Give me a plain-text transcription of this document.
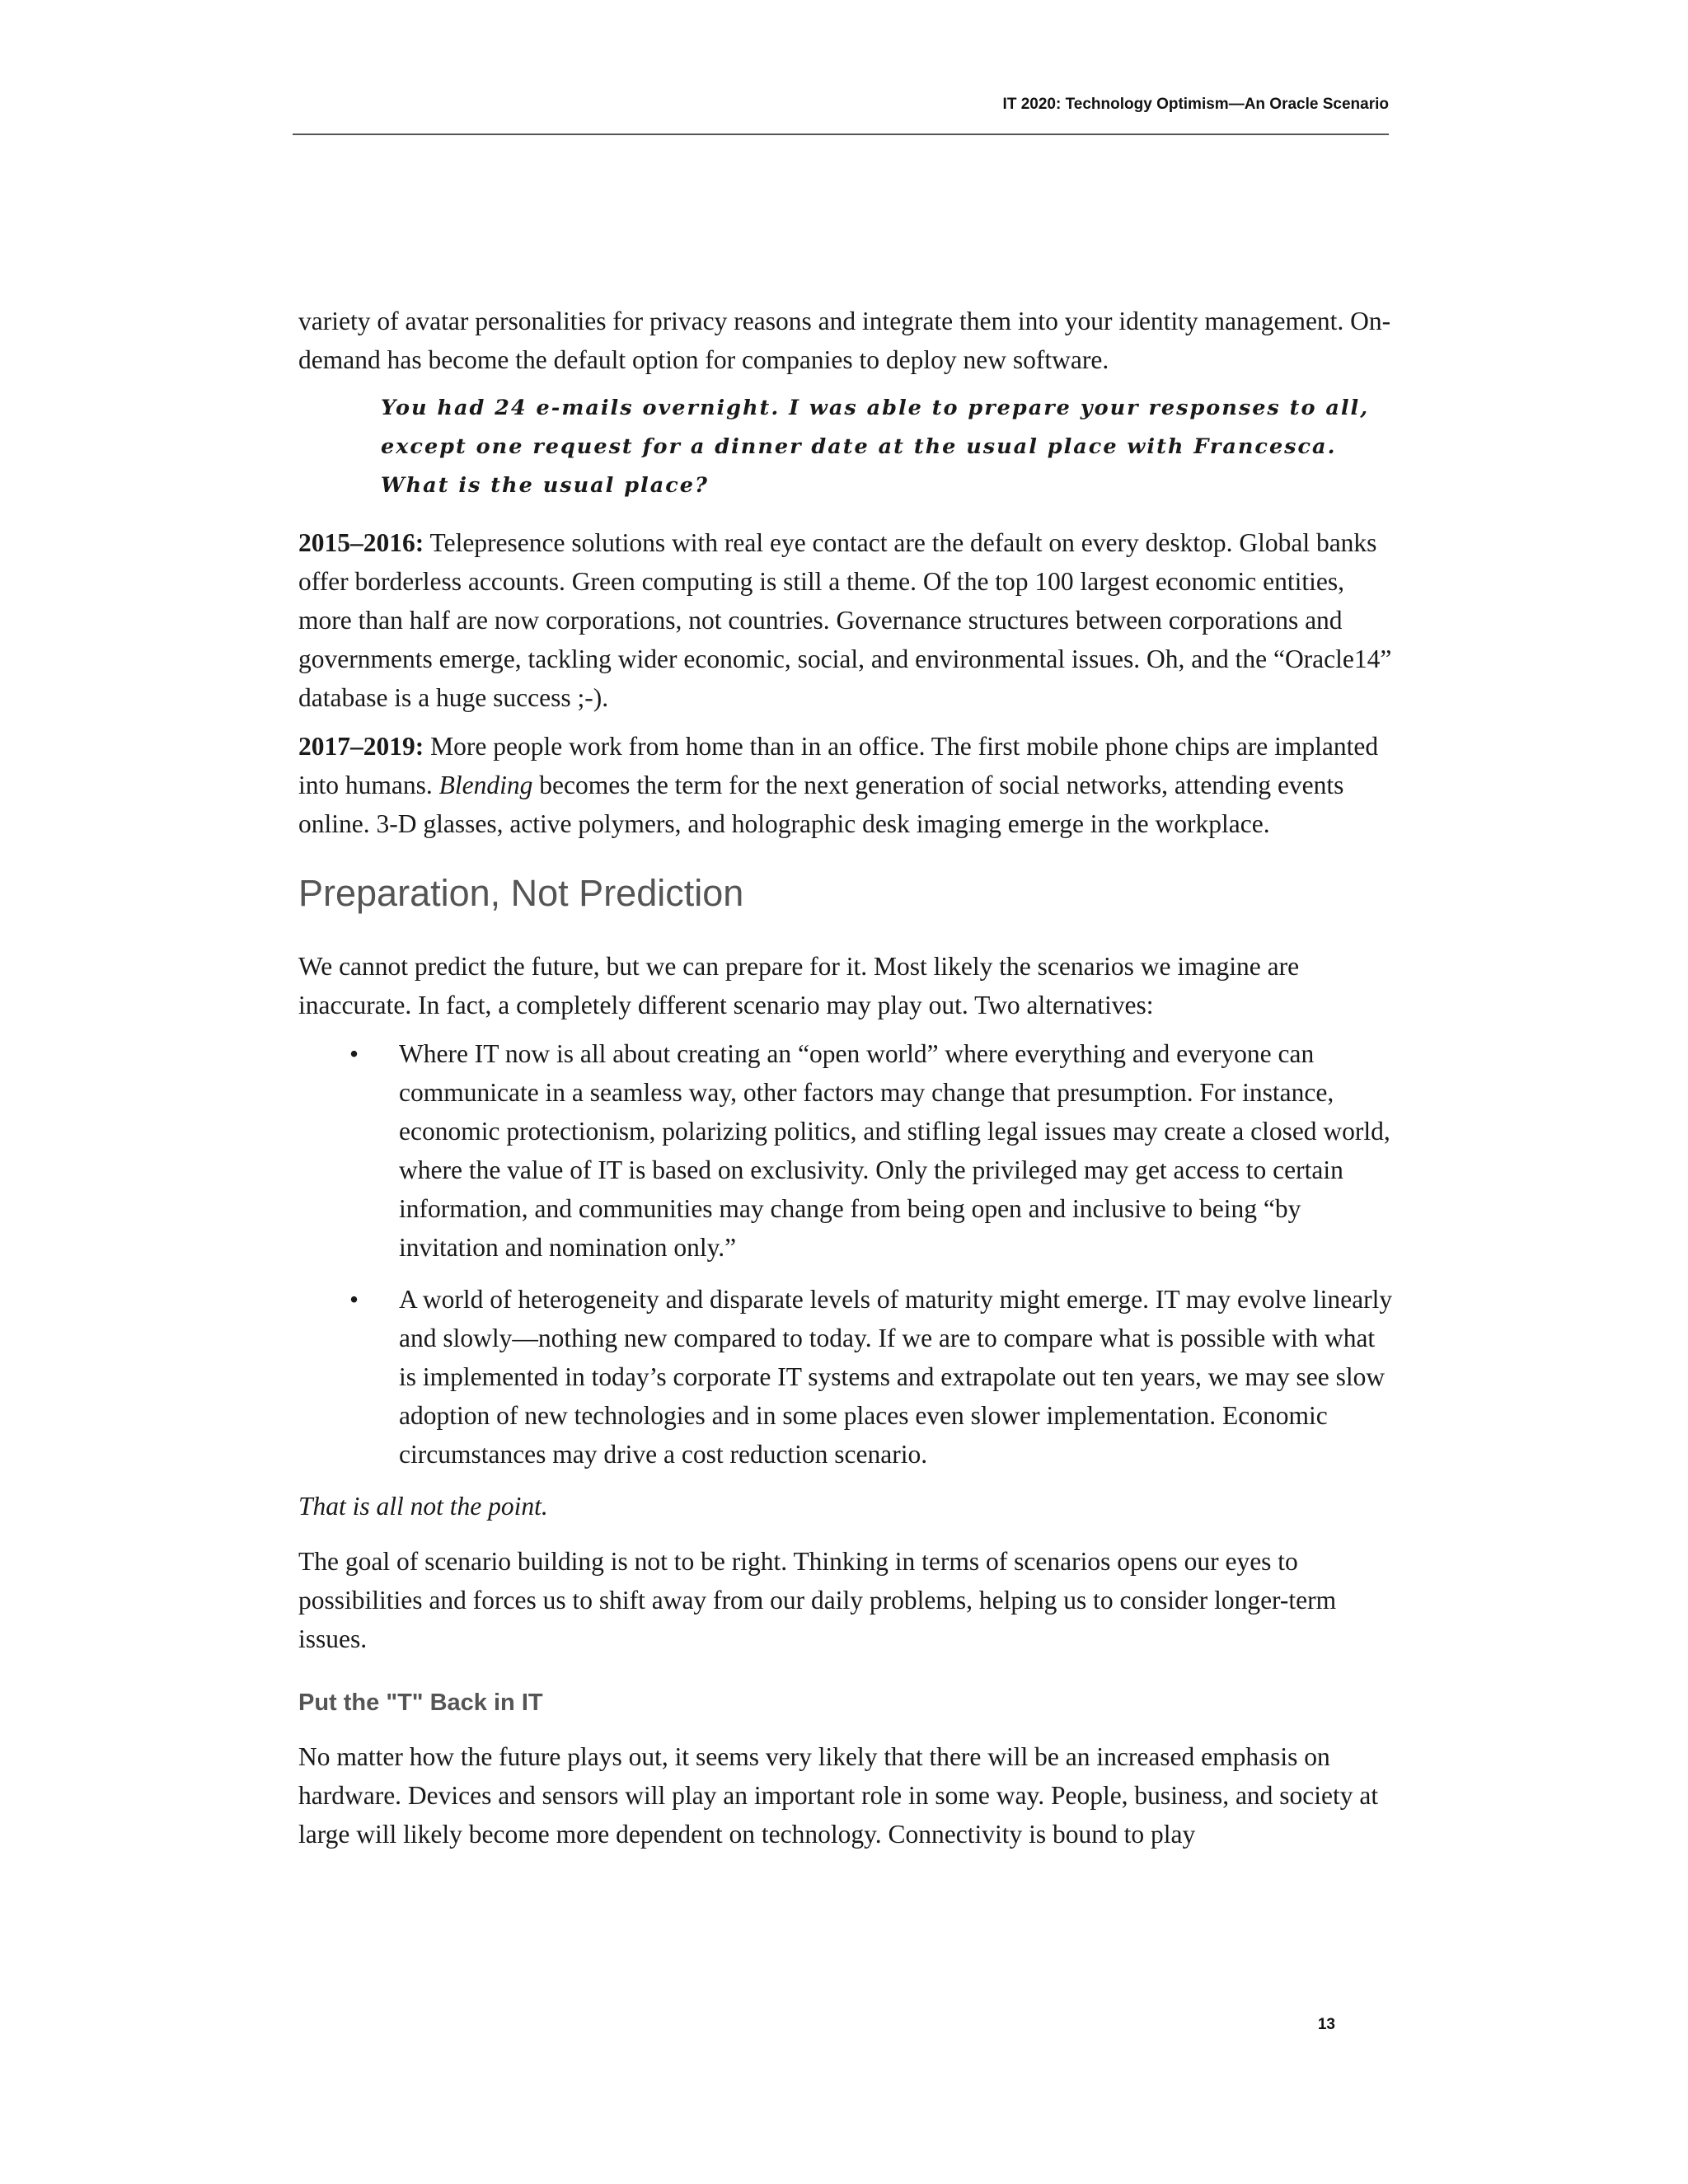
IT 2020: Technology Optimism—An Oracle Scenario

variety of avatar personalities for privacy reasons and integrate them into your identity management. On-demand has become the default option for companies to deploy new software.

You had 24 e-mails overnight. I was able to prepare your responses to all, except one request for a dinner date at the usual place with Francesca. What is the usual place?

2015–2016: Telepresence solutions with real eye contact are the default on every desktop. Global banks offer borderless accounts. Green computing is still a theme. Of the top 100 largest economic entities, more than half are now corporations, not countries. Governance structures between corporations and governments emerge, tackling wider economic, social, and environmental issues. Oh, and the “Oracle14” database is a huge success ;-).

2017–2019: More people work from home than in an office. The first mobile phone chips are implanted into humans. Blending becomes the term for the next generation of social networks, attending events online. 3-D glasses, active polymers, and holographic desk imaging emerge in the workplace.

Preparation, Not Prediction

We cannot predict the future, but we can prepare for it. Most likely the scenarios we imagine are inaccurate. In fact, a completely different scenario may play out. Two alternatives:

• Where IT now is all about creating an “open world” where everything and everyone can communicate in a seamless way, other factors may change that presumption. For instance, economic protectionism, polarizing politics, and stifling legal issues may create a closed world, where the value of IT is based on exclusivity. Only the privileged may get access to certain information, and communities may change from being open and inclusive to being “by invitation and nomination only.”
• A world of heterogeneity and disparate levels of maturity might emerge. IT may evolve linearly and slowly—nothing new compared to today. If we are to compare what is possible with what is implemented in today’s corporate IT systems and extrapolate out ten years, we may see slow adoption of new technologies and in some places even slower implementation. Economic circumstances may drive a cost reduction scenario.

That is all not the point.

The goal of scenario building is not to be right. Thinking in terms of scenarios opens our eyes to possibilities and forces us to shift away from our daily problems, helping us to consider longer-term issues.

Put the "T" Back in IT

No matter how the future plays out, it seems very likely that there will be an increased emphasis on hardware. Devices and sensors will play an important role in some way. People, business, and society at large will likely become more dependent on technology. Connectivity is bound to play

13
